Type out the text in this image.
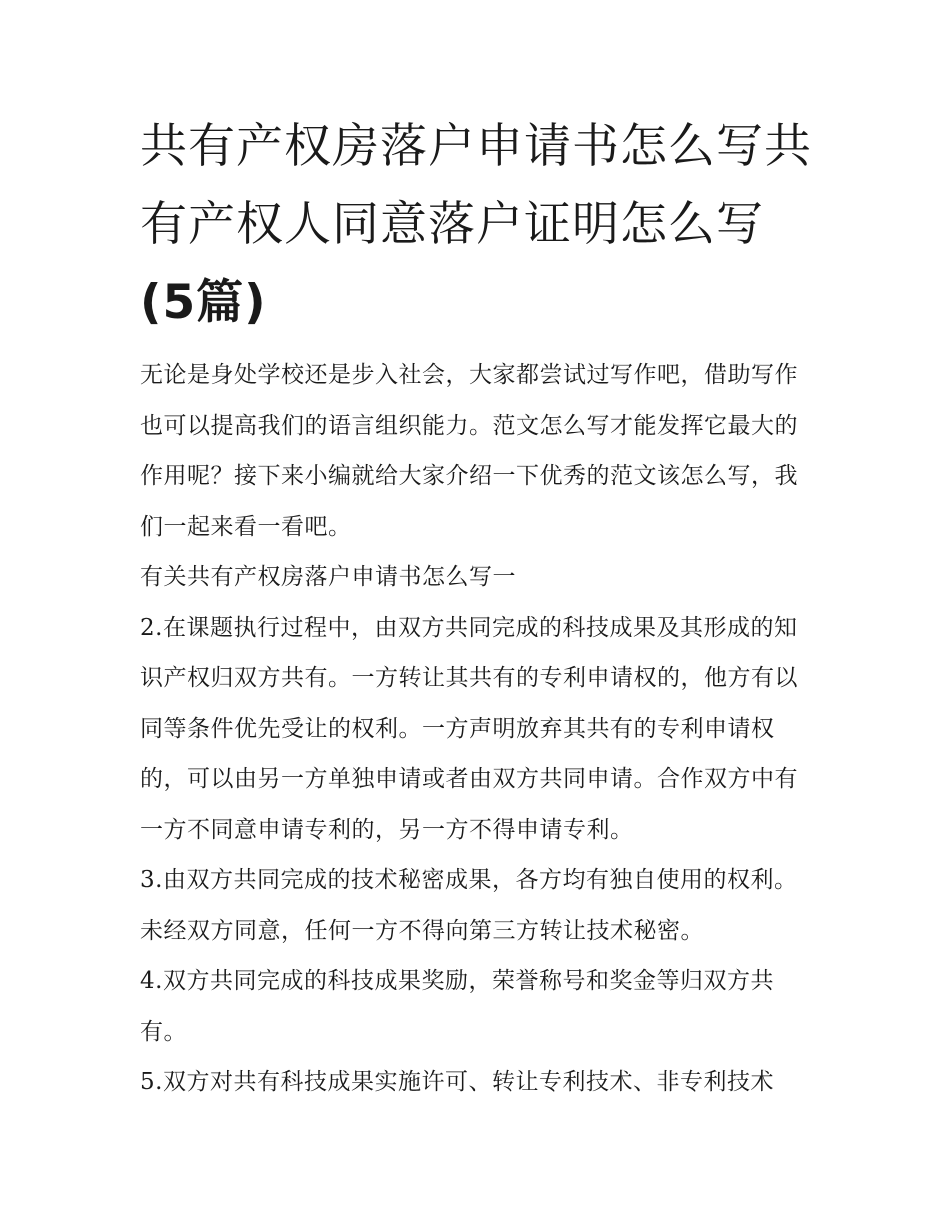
共有产权房落户申请书怎么写共有产权人同意落户证明怎么写(5篇)

无论是身处学校还是步入社会，大家都尝试过写作吧，借助写作也可以提高我们的语言组织能力。范文怎么写才能发挥它最大的作用呢？接下来小编就给大家介绍一下优秀的范文该怎么写，我们一起来看一看吧。

有关共有产权房落户申请书怎么写一

2.在课题执行过程中，由双方共同完成的科技成果及其形成的知识产权归双方共有。一方转让其共有的专利申请权的，他方有以同等条件优先受让的权利。一方声明放弃其共有的专利申请权的，可以由另一方单独申请或者由双方共同申请。合作双方中有一方不同意申请专利的，另一方不得申请专利。

3.由双方共同完成的技术秘密成果，各方均有独自使用的权利。未经双方同意，任何一方不得向第三方转让技术秘密。

4.双方共同完成的科技成果奖励，荣誉称号和奖金等归双方共有。

5.双方对共有科技成果实施许可、转让专利技术、非专利技术
